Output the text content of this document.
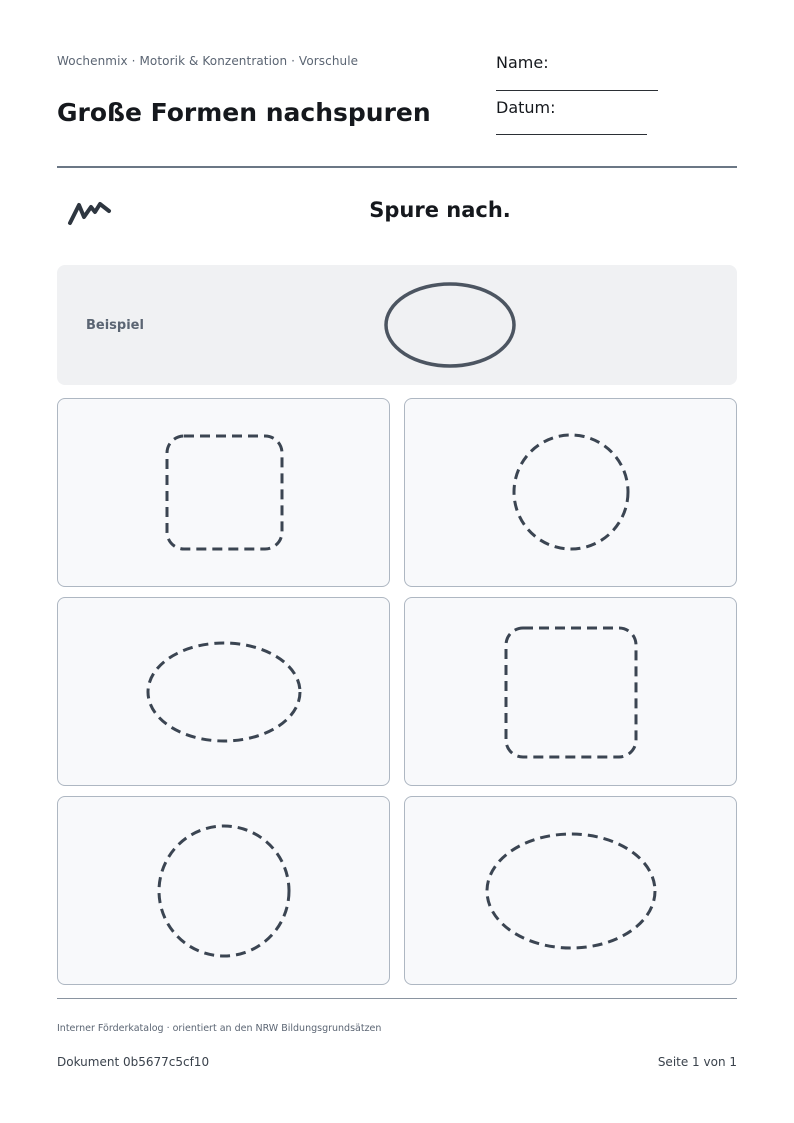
Wochenmix · Motorik & Konzentration · Vorschule
Große Formen nachspuren
Name:
Datum:
Spure nach.
Beispiel
Interner Förderkatalog · orientiert an den NRW Bildungsgrundsätzen
Dokument 0b5677c5cf10	Seite 1 von 1
